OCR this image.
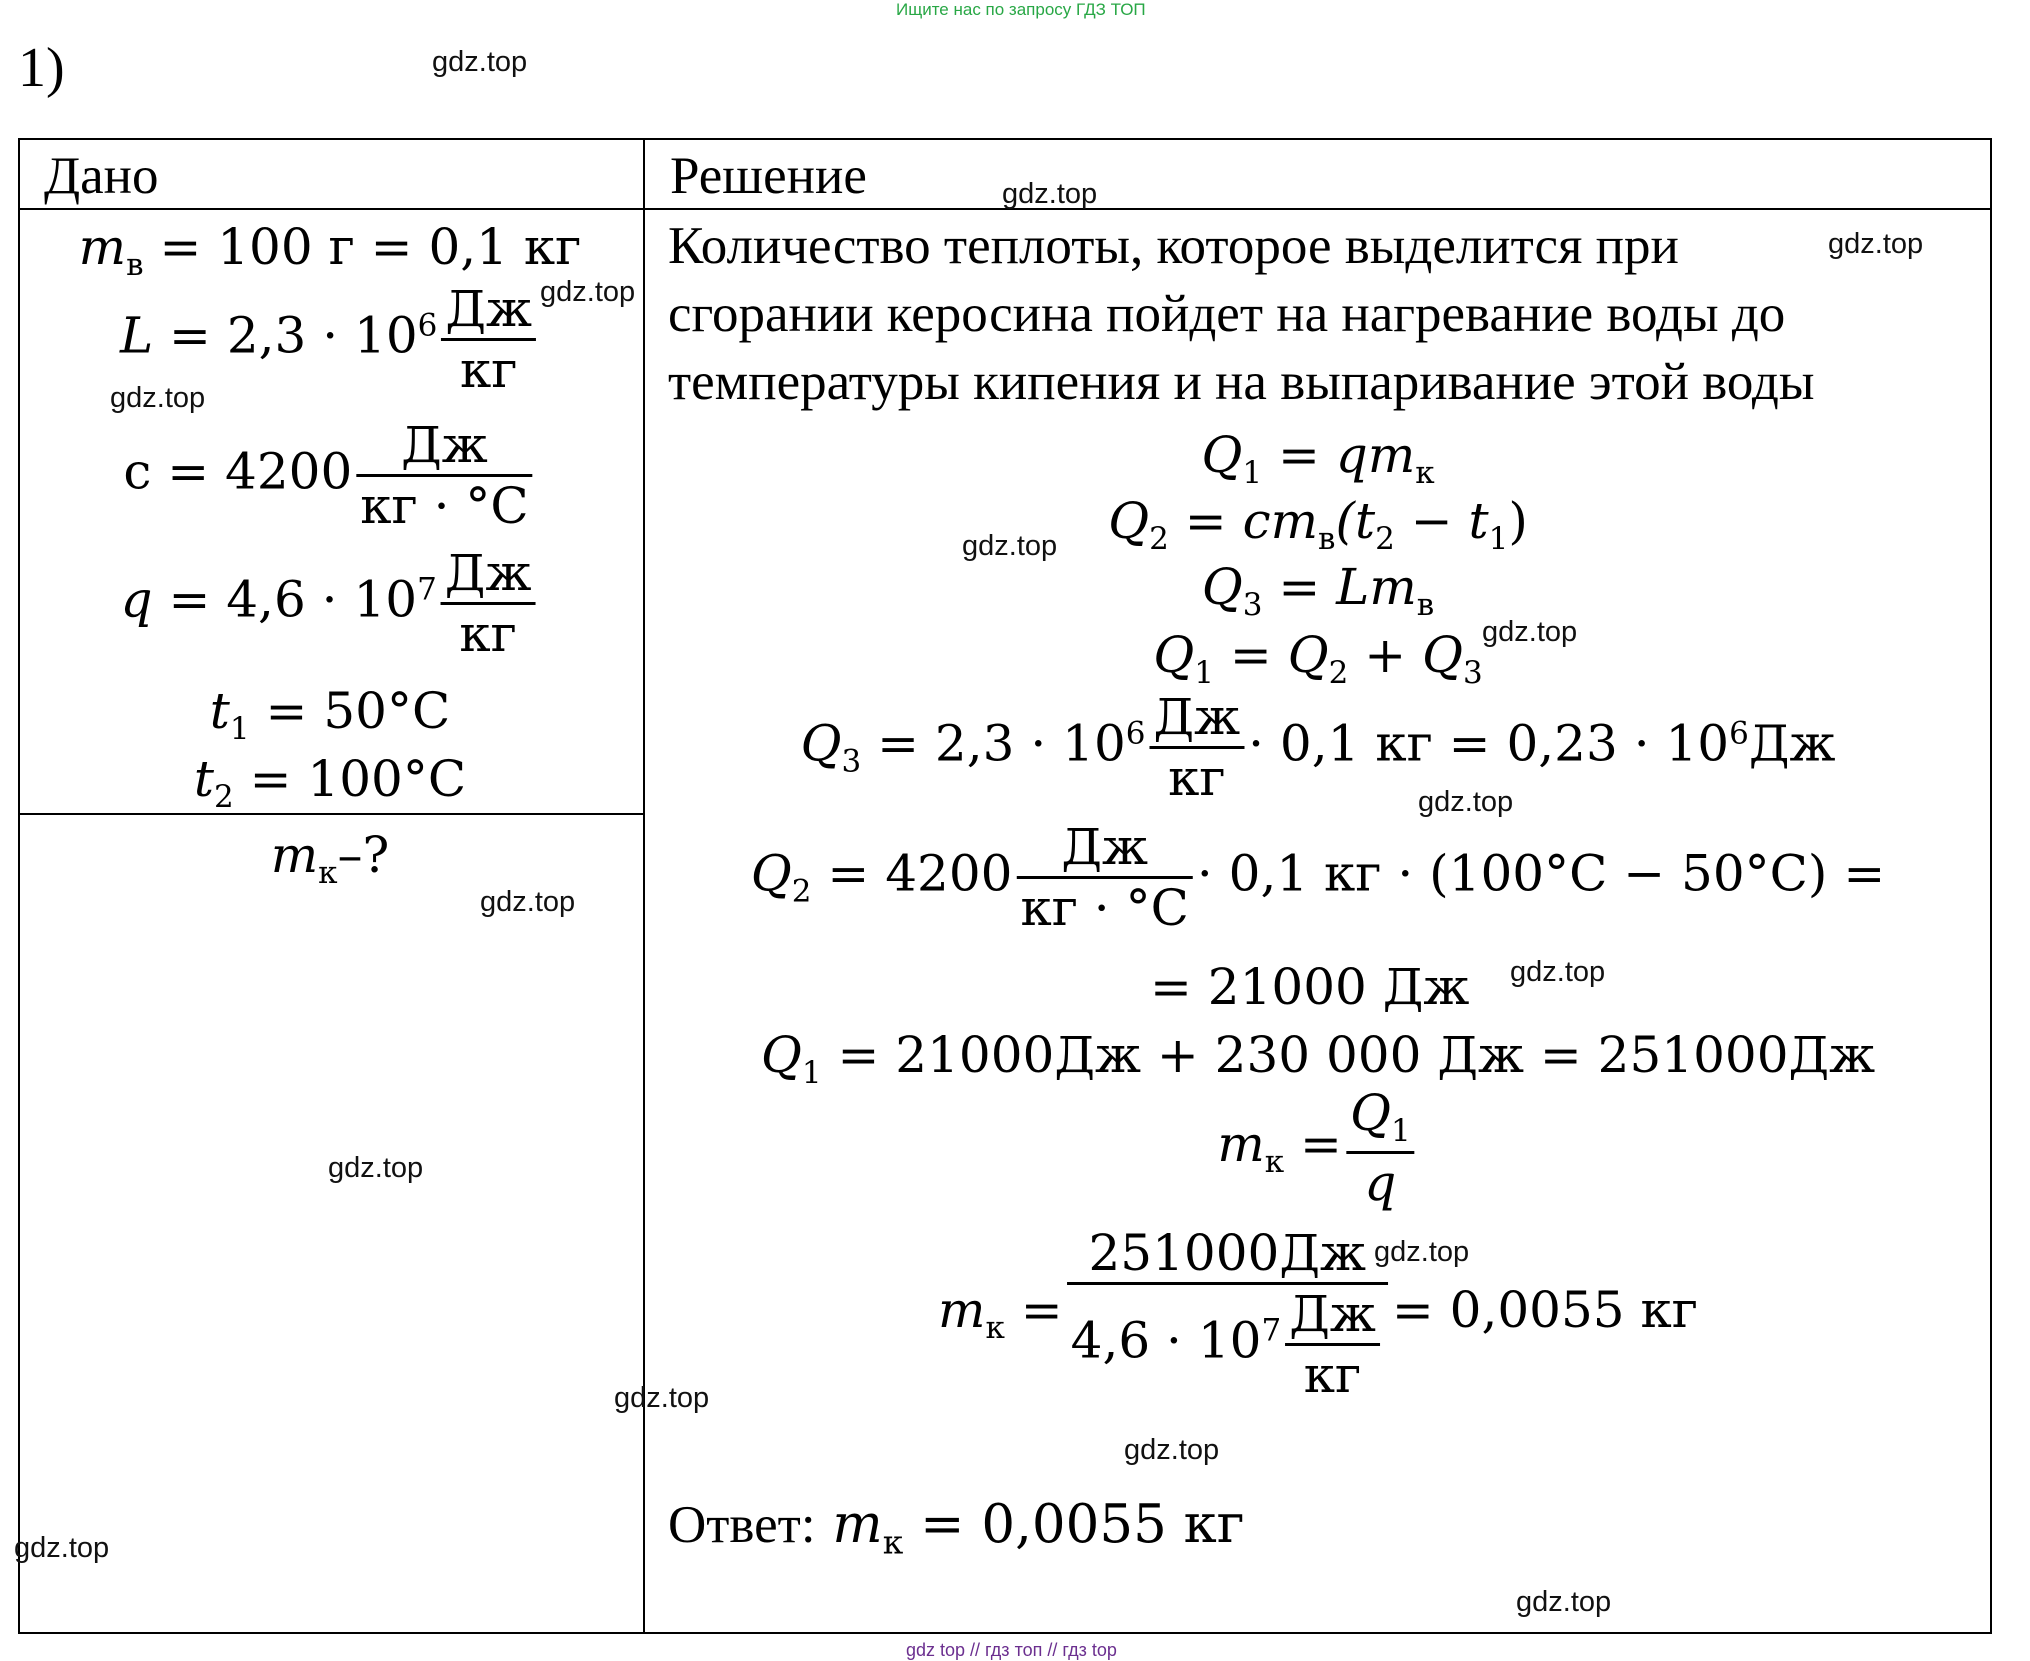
Ищите нас по запросу ГДЗ ТОП
1)
Дано	Решение
$m_в = 100$ г = 0,1 кг
$L = 2,3 \cdot 10^6 \frac{Дж}{кг}$
$c = 4200 \frac{Дж}{кг \cdot ^\circ С}$
$q = 4,6 \cdot 10^7 \frac{Дж}{кг}$
$t_1 = 50^\circ С$
$t_2 = 100^\circ С$
$m_к-$?
Количество теплоты, которое выделится при
сгорании керосина пойдет на нагревание воды до
температуры кипения и на выпаривание этой воды
$Q_1 = qm_к$
$Q_2 = cm_в(t_2 - t_1)$
$Q_3 = Lm_в$
$Q_1 = Q_2 + Q_3$
$Q_3 = 2,3 \cdot 10^6 \frac{Дж}{кг} \cdot 0,1$ кг = $0,23 \cdot 10^6Дж$
$Q_2 = 4200 \frac{Дж}{кг \cdot ^\circ С} \cdot 0,1$ кг · (100°С − 50°С) =
= 21000 Дж
$Q_1 = 21000Дж + 230$ 000 Дж = 251000Дж
$m_к = \frac{Q_1}{q}$
$m_к = \frac{251000Дж}{4,6 \cdot 10^7 \frac{Дж}{кг}} = 0,0055$ кг
Ответ: $m_к = 0,0055$ кг
gdz.top
gdz.top
gdz.top
gdz.top
gdz.top
gdz.top
gdz.top
gdz.top
gdz.top
gdz.top
gdz.top
gdz.top
gdz.top
gdz.top
gdz.top
gdz.top
gdz top // гдз топ // гдз top
